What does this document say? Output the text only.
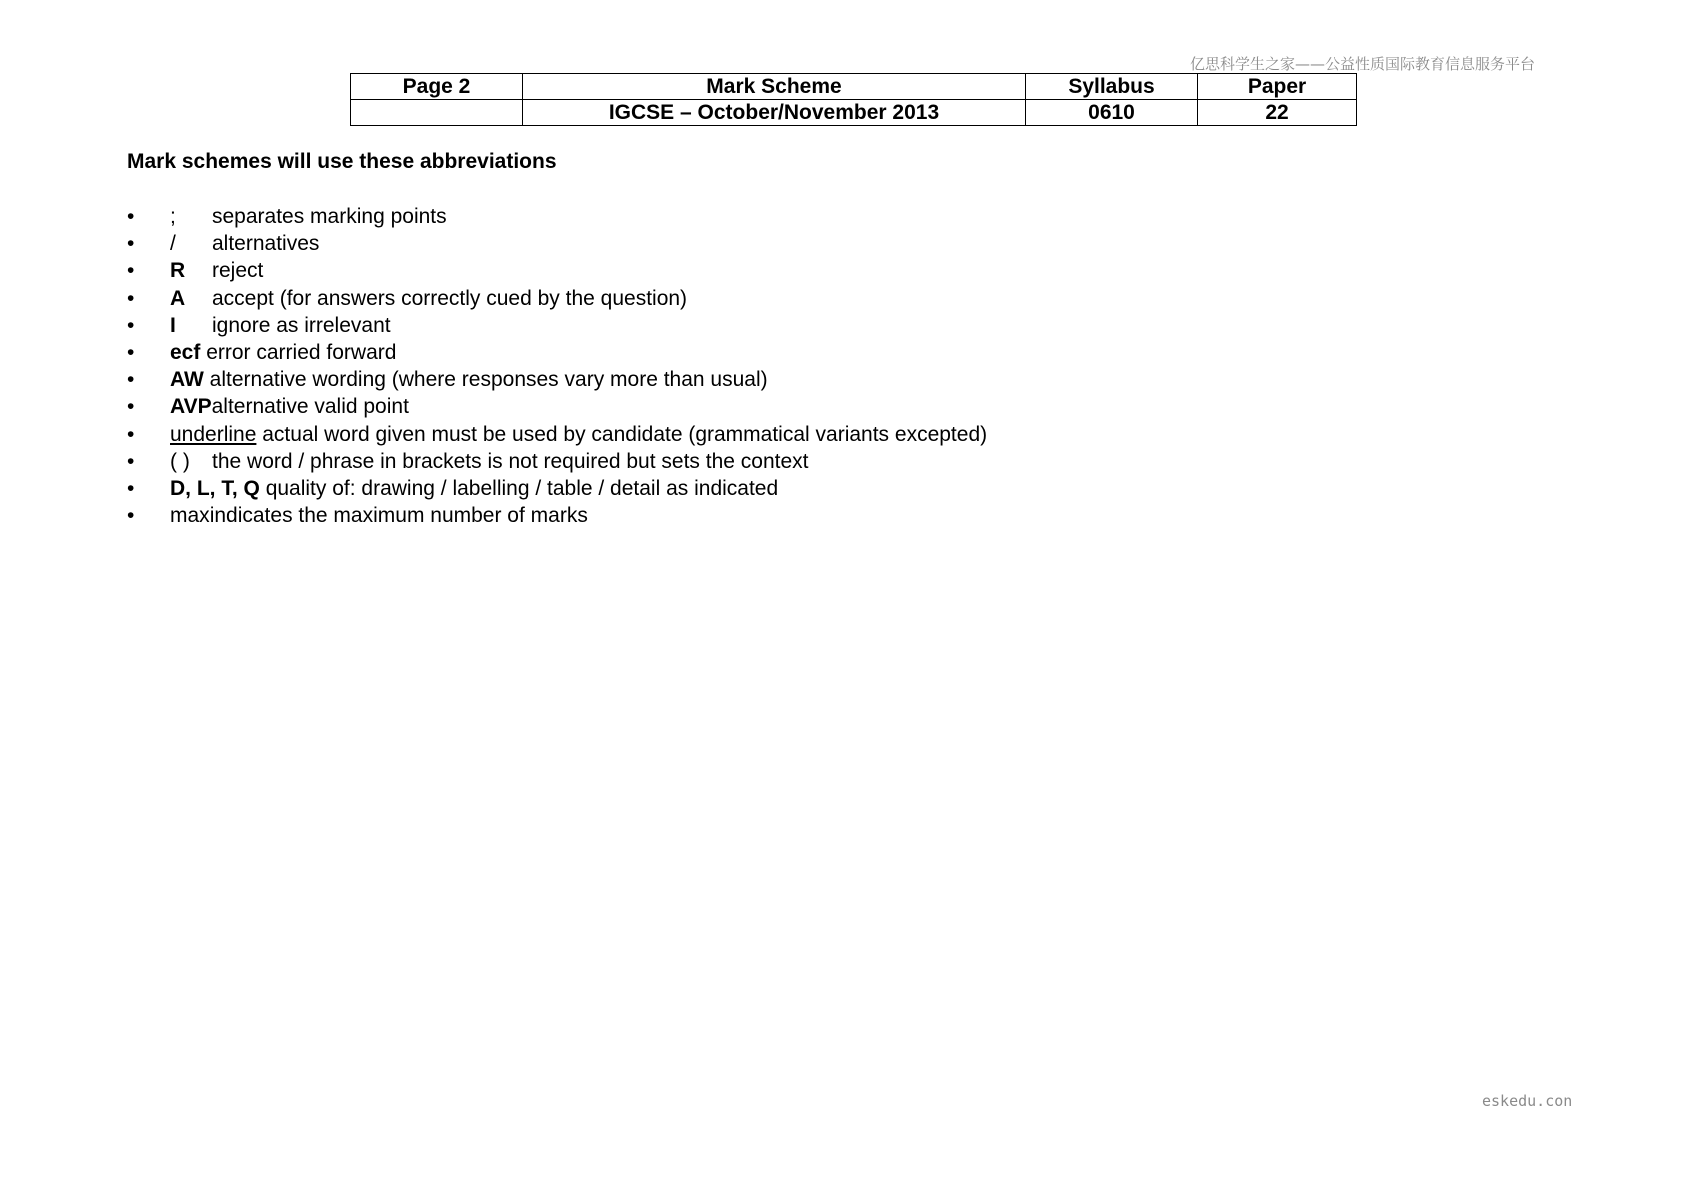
亿思科学生之家——公益性质国际教育信息服务平台
Page 2	Mark Scheme	Syllabus	Paper
	IGCSE – October/November 2013	0610	22
Mark schemes will use these abbreviations
• ; separates marking points
• / alternatives
• R reject
• A accept (for answers correctly cued by the question)
• I ignore as irrelevant
• ecf error carried forward
• AW alternative wording (where responses vary more than usual)
• AVPalternative valid point
• underline actual word given must be used by candidate (grammatical variants excepted)
• ( ) the word / phrase in brackets is not required but sets the context
• D, L, T, Q quality of: drawing / labelling / table / detail as indicated
• maxindicates the maximum number of marks
eskedu.con
